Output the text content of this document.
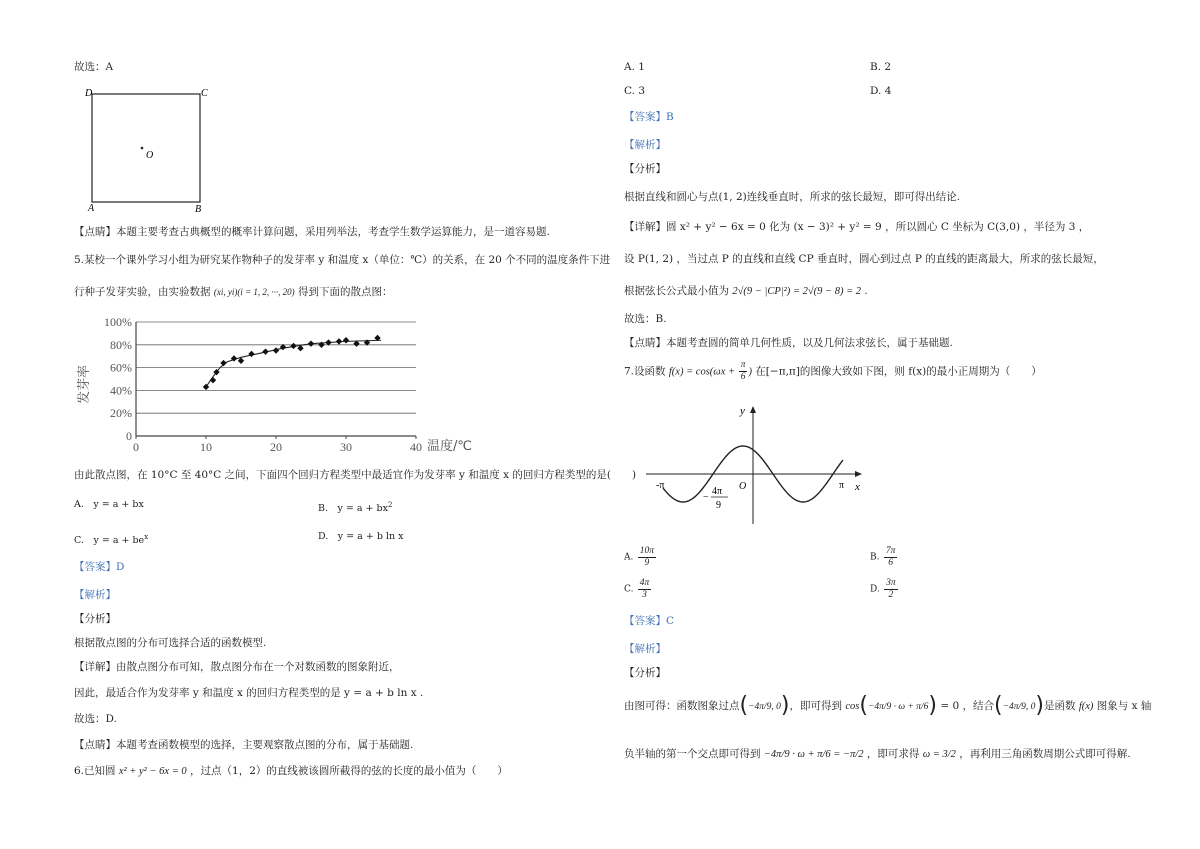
故选：A
D	C
A	B
O
【点睛】本题主要考查古典概型的概率计算问题，采用列举法，考查学生数学运算能力，是一道容易题.
5.某校一个课外学习小组为研究某作物种子的发芽率 y 和温度 x（单位：℃）的关系，在 20 个不同的温度条件下进
行种子发芽实验，由实验数据 (xi, yi)(i = 1, 2, ···, 20) 得到下面的散点图：
0
20%
40%
60%
80%
100%
0	10	20	30	40
发芽率
温度/℃
由此散点图，在 10°C 至 40°C 之间，下面四个回归方程类型中最适宜作为发芽率 y 和温度 x 的回归方程类型的是(　　)
A.　y = a + bx	B.　$y = a + bx^2$
C.　$y = a + be^x$	D.　y = a + b ln x
【答案】D
【解析】
【分析】
根据散点图的分布可选择合适的函数模型.
【详解】由散点图分布可知，散点图分布在一个对数函数的图象附近，
因此，最适合作为发芽率 y 和温度 x 的回归方程类型的是 y = a + b ln x .
故选：D.
【点睛】本题考查函数模型的选择，主要观察散点图的分布，属于基础题.
6.已知圆 x² + y² − 6x = 0 ，过点（1，2）的直线被该圆所截得的弦的长度的最小值为（　　）
A. 1	B. 2
C. 3	D. 4
【答案】B
【解析】
【分析】
根据直线和圆心与点(1, 2)连线垂直时，所求的弦长最短，即可得出结论.
【详解】圆 x² + y² − 6x = 0 化为 (x − 3)² + y² = 9 ，所以圆心 C 坐标为 C(3,0) ，半径为 3 ，
设 P(1, 2) ，当过点 P 的直线和直线 CP 垂直时，圆心到过点 P 的直线的距离最大，所求的弦长最短，
根据弦长公式最小值为 2√(9 − |CP|²) = 2√(9 − 8) = 2 .
故选：B.
【点睛】本题考查圆的简单几何性质，以及几何法求弦长，属于基础题.
7.设函数 $f(x) = \cos(\omega x + \frac{\pi}{6}$ ) 在[−π,π]的图像大致如下图，则 f(x)的最小正周期为（　　）
y
x
O
-π	π
−
4π
9
A. $\frac{10\pi}{9}$	B. $\frac{7\pi}{6}$
C. $\frac{4\pi}{3}$	D. $\frac{3\pi}{2}$
【答案】C
【解析】
【分析】
由图可得：函数图象过点(−4π/9, 0)，即可得到 cos(−4π/9 · ω + π/6) = 0 ，结合(−4π/9, 0)是函数 f(x) 图象与 x 轴
负半轴的第一个交点即可得到 −4π/9 · ω + π/6 = −π/2 ，即可求得 ω = 3/2 ，再利用三角函数周期公式即可得解.
